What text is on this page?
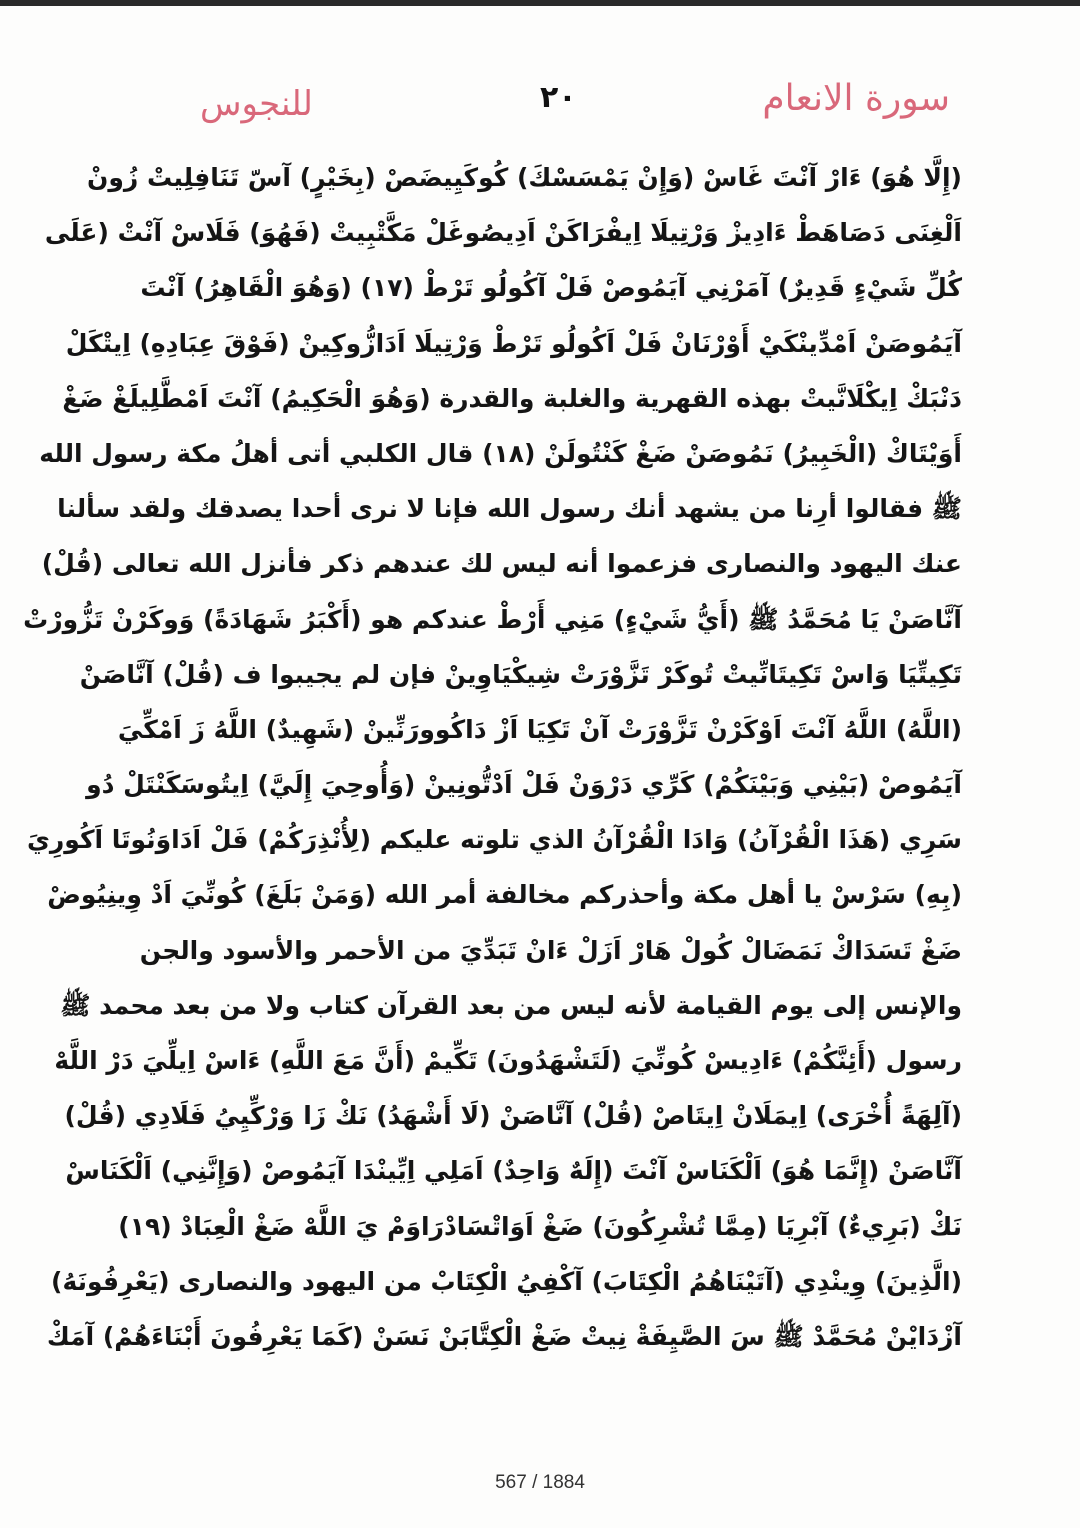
للنجوس	٢٠	سورة الانعام
(إِلَّا هُوَ) ءَارْ آنْتَ غَاسْ (وَإِنْ يَمْسَسْكَ) كُوكَيِيضَصْ (بِخَيْرٍ) آسّ تَنَافِلِيتْ زُونْ
اَلْغِنَى دَصَاهَطْ ءَادِيزْ وَرْتِيلَا اِيفْرَاكَنْ اَدِيصُوغَلْ مَكَّتْبِيتْ (فَهُوَ) فَلَاسْ آنْتْ (عَلَى
كُلِّ شَيْءٍ قَدِيرٌ) آمَرْنِي آيَمُوصْ فَلْ آكُولُو تَرْطْ (١٧) (وَهُوَ الْقَاهِرُ) آنْتَ
آيَمُوصَنْ اَمْدِّينْكَيْ أَوْرْنَانْ فَلْ اَكُولُو تَرْطْ وَرْتِيلَا اَدَازُّوكِينْ (فَوْقَ عِبَادِهِ) اِيتْكَلْ
دَنْبَكْ اِيكْلَانَّيتْ بهذه القهرية والغلبة والقدرة (وَهُوَ الْحَكِيمُ) آنْتَ اَمْطَّلِيلَغْ ضَغْ
أَوَيْتَاكْ (الْخَبِيرُ) نَمُوصَنْ ضَغْ كَنْتُولَنْ (١٨) قال الكلبي أتى أهلُ مكة رسول الله
ﷺ فقالوا أرِنا من يشهد أنك رسول الله فإنا لا نرى أحدا يصدقك ولقد سألنا
عنك اليهود والنصارى فزعموا أنه ليس لك عندهم ذكر فأنزل الله تعالى (قُلْ)
آنَّاصَنْ يَا مُحَمَّدُ ﷺ (أَيُّ شَيْءٍ) مَنِي أَرْطْ عندكم هو (أَكْبَرُ شَهَادَةً) وَوكَرْنْ تَزُّورْتْ
تَكِيتِّيَا وَاسْ تَكِيتَانِّيتْ تُوكَرْ تَزَّوْرَتْ شِيكْيَاوِينْ فإن لم يجيبوا ف (قُلْ) آنَّاصَنْ
(اللَّهُ) اللَّهُ آنْتَ اَوْكَرْنْ تَزَّوْرَتْ آنْ تَكِيَا اَزْ دَاكُوورَنِّينْ (شَهِيدٌ) اللَّهُ زَ اَمْكِّيَ
آيَمُوصْ (بَيْنِي وَبَيْنَكُمْ) كَرِّي دَرْوَنْ فَلْ اَدْتُّونِينْ (وَأُوحِيَ إِلَيَّ) اِيتُوسَكَنْتَلْ دُو
سَرِي (هَذَا الْقُرْآنُ) وَادَا الْقُرْآنُ الذي تلوته عليكم (لِأُنْذِرَكُمْ) فَلْ اَدَاوَنُوتَا اَكُورِيَ
(بِهِ) سَرْسْ يا أهل مكة وأحذركم مخالفة أمر الله (وَمَنْ بَلَغَ) كُونِّيَ اَدْ وِينِيُوضْ
ضَغْ تَسَدَاكْ نَمَضَالْ كُولْ هَارْ اَزَلْ ءَانْ تَبَدِّيَ من الأحمر والأسود والجن
والإنس إلى يوم القيامة لأنه ليس من بعد القرآن كتاب ولا من بعد محمد ﷺ
رسول (أَئِنَّكُمْ) ءَادِيسْ كُونِّيَ (لَتَشْهَدُونَ) تَكِّيمْ (أَنَّ مَعَ اللَّهِ) ءَاسْ اِيلِّيَ دَرْ اللَّهْ
(آلِهَةً أُخْرَى) اِيمَلَانْ اِيتَاصْ (قُلْ) آنَّاصَنْ (لَا أَشْهَدُ) نَكْ زَا وَرْكِّيِيُ فَلَادِي (قُلْ)
آنَّاصَنْ (إِنَّمَا هُوَ) اَلْكَنَاسْ آنْتَ (إِلَهٌ وَاحِدٌ) اَمَلِي اِيِّينْدَا آيَمُوصْ (وَإِنَّنِي) اَلْكَنَاسْ
نَكْ (بَرِيءٌ) آبْرِيَا (مِمَّا تُشْرِكُونَ) ضَغْ اَوَاتْسَادْرَاوَمْ يَ اللَّهْ ضَغْ الْعِبَادْ (١٩)
(الَّذِينَ) وِينْدِي (آتَيْنَاهُمُ الْكِتَابَ) آكْفِيُ الْكِتَابْ من اليهود والنصارى (يَعْرِفُونَهُ)
آزْدَايْنْ مُحَمَّدْ ﷺ سَ الصَّيِفَةْ نِيتْ ضَغْ الْكِتَّابَنْ نَسَنْ (كَمَا يَعْرِفُونَ أَبْنَاءَهُمْ) آمَكْ
567 / 1884
